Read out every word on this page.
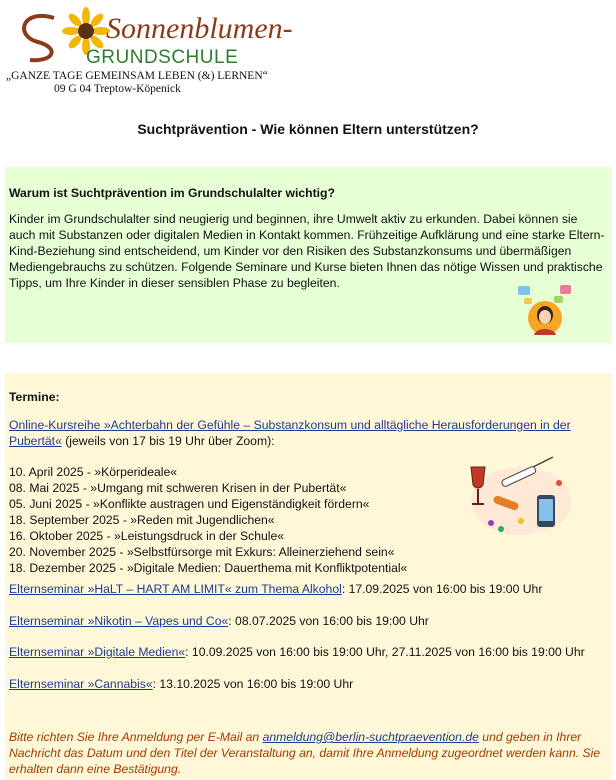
Sonnenblumen-
GRUNDSCHULE
„GANZE TAGE GEMEINSAM LEBEN (&) LERNEN“
09 G 04 Treptow-Köpenick
Suchtprävention - Wie können Eltern unterstützen?
Warum ist Suchtprävention im Grundschulalter wichtig?

Kinder im Grundschulalter sind neugierig und beginnen, ihre Umwelt aktiv zu erkunden. Dabei können sie auch mit Substanzen oder digitalen Medien in Kontakt kommen. Frühzeitige Aufklärung und eine starke Eltern-Kind-Beziehung sind entscheidend, um Kinder vor den Risiken des Substanzkonsums und übermäßigen Mediengebrauchs zu schützen. Folgende Seminare und Kurse bieten Ihnen das nötige Wissen und praktische Tipps, um Ihre Kinder in dieser sensiblen Phase zu begleiten.

Termine:
Online-Kursreihe »Achterbahn der Gefühle – Substanzkonsum und alltägliche Herausforderungen in der Pubertät« (jeweils von 17 bis 19 Uhr über Zoom):
10. April 2025 - »Körperideale«
08. Mai 2025 - »Umgang mit schweren Krisen in der Pubertät«
05. Juni 2025 - »Konflikte austragen und Eigenständigkeit fördern«
18. September 2025 - »Reden mit Jugendlichen«
16. Oktober 2025 - »Leistungsdruck in der Schule«
20. November 2025 - »Selbstfürsorge mit Exkurs: Alleinerziehend sein«
18. Dezember 2025 - »Digitale Medien: Dauerthema mit Konfliktpotential«
Elternseminar »HaLT – HART AM LIMIT« zum Thema Alkohol: 17.09.2025 von 16:00 bis 19:00 Uhr
Elternseminar »Nikotin – Vapes und Co«: 08.07.2025 von 16:00 bis 19:00 Uhr
Elternseminar »Digitale Medien«: 10.09.2025 von 16:00 bis 19:00 Uhr, 27.11.2025 von 16:00 bis 19:00 Uhr
Elternseminar »Cannabis«: 13.10.2025 von 16:00 bis 19:00 Uhr
Bitte richten Sie Ihre Anmeldung per E-Mail an anmeldung@berlin-suchtpraevention.de und geben in Ihrer Nachricht das Datum und den Titel der Veranstaltung an, damit Ihre Anmeldung zugeordnet werden kann. Sie erhalten dann eine Bestätigung.
